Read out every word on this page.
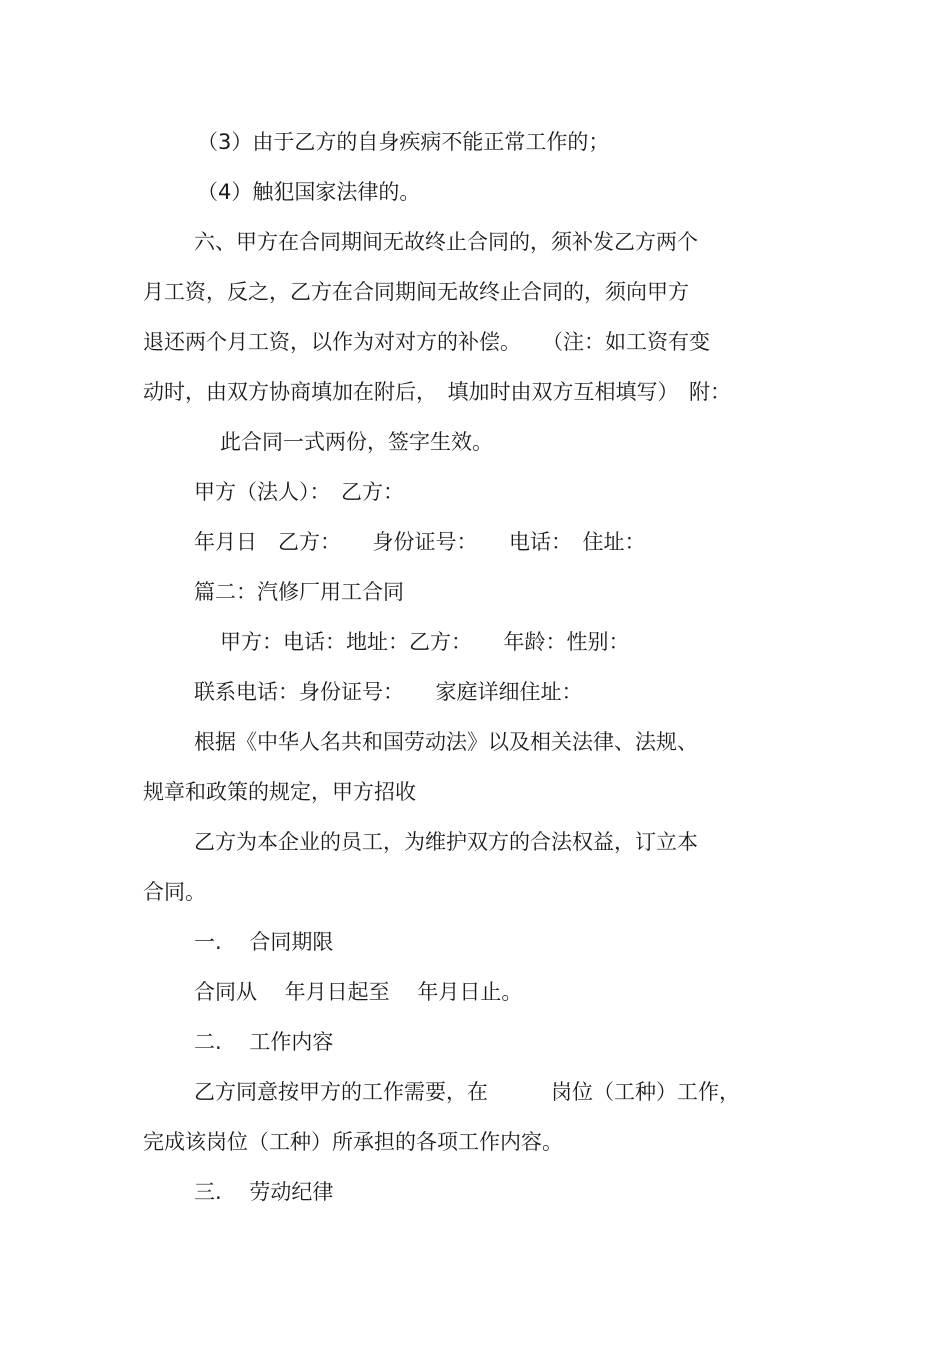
（3）由于乙方的自身疾病不能正常工作的；
（4）触犯国家法律的。
六、甲方在合同期间无故终止合同的，须补发乙方两个
月工资，反之，乙方在合同期间无故终止合同的，须向甲方
退还两个月工资，以作为对对方的补偿。　　（注：如工资有变
动时，由双方协商填加在附后，　填加时由双方互相填写）　附：
此合同一式两份，签字生效。
甲方（法人）：　乙方：
年月日　乙方：　　身份证号：　　电话：　住址：
篇二：汽修厂用工合同
甲方：电话：地址：乙方：　　年龄：性别：
联系电话：身份证号：　　家庭详细住址：
根据《中华人名共和国劳动法》以及相关法律、法规、
规章和政策的规定，甲方招收
乙方为本企业的员工，为维护双方的合法权益，订立本
合同。
一.　 合同期限
合同从　 年月日起至　 年月日止。
二.　 工作内容
乙方同意按甲方的工作需要，在　　　岗位（工种）工作，
完成该岗位（工种）所承担的各项工作内容。
三.　 劳动纪律
